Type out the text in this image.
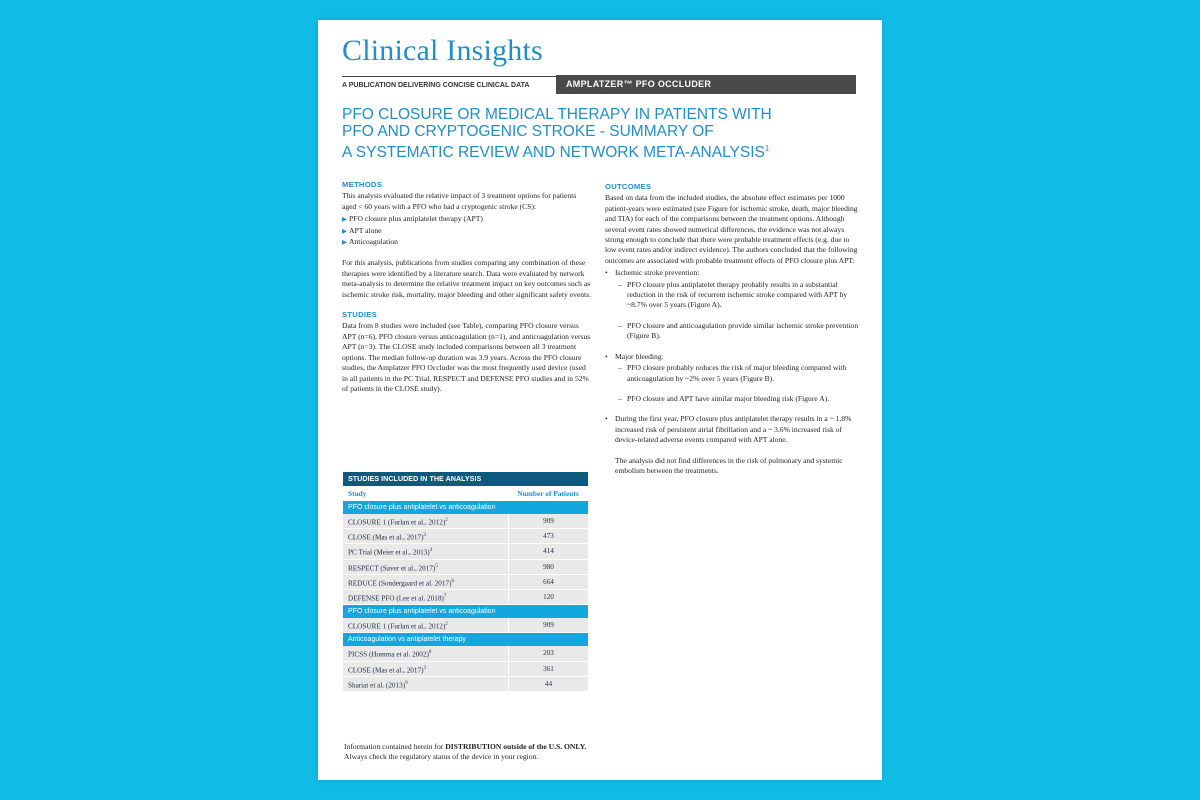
Clinical Insights
A PUBLICATION DELIVERING CONCISE CLINICAL DATA	AMPLATZER™ PFO OCCLUDER
PFO CLOSURE OR MEDICAL THERAPY IN PATIENTS WITH
PFO AND CRYPTOGENIC STROKE - SUMMARY OF
A SYSTEMATIC REVIEW AND NETWORK META-ANALYSIS$^1$
METHODS

This analysis evaluated the relative impact of 3 treatment options for patients aged < 60 years with a PFO who had a cryptogenic stroke (CS):

▶ PFO closure plus antiplatelet therapy (APT)
▶ APT alone
▶ Anticoagulation

For this analysis, publications from studies comparing any combination of these therapies were identified by a literature search. Data were evaluated by network meta-analysis to determine the relative treatment impact on key outcomes such as ischemic stroke risk, mortality, major bleeding and other significant safety events.

STUDIES

Data from 8 studies were included (see Table), comparing PFO closure versus APT (n=6), PFO closure versus anticoagulation (n=1), and anticoagulation versus APT (n=3). The CLOSE study included comparisons between all 3 treatment options. The median follow-up duration was 3.9 years. Across the PFO closure studies, the Amplatzer PFO Occluder was the most frequently used device (used in all patients in the PC Trial, RESPECT and DEFENSE PFO studies and in 52% of patients in the CLOSE study).

OUTCOMES

Based on data from the included studies, the absolute effect estimates per 1000 patient-years were estimated (see Figure for ischemic stroke, death, major bleeding and TIA) for each of the comparisons between the treatment options. Although several event rates showed numerical differences, the evidence was not always strong enough to conclude that there were probable treatment effects (e.g. due to low event rates and/or indirect evidence). The authors concluded that the following outcomes are associated with probable treatment effects of PFO closure plus APT:

• Ischemic stroke prevention:
– PFO closure plus antiplatelet therapy probably results in a substantial reduction in the risk of recurrent ischemic stroke compared with APT by ~8.7% over 5 years (Figure A).
– PFO closure and anticoagulation provide similar ischemic stroke prevention (Figure B).
• Major bleeding:
– PFO closure probably reduces the risk of major bleeding compared with anticoagulation by ~2% over 5 years (Figure B).
– PFO closure and APT have similar major bleeding risk (Figure A).
• During the first year, PFO closure plus antiplatelet therapy results in a ~ 1.8% increased risk of persistent atrial fibrillation and a ~ 3.6% increased risk of device-related adverse events compared with APT alone.

The analysis did not find differences in the risk of pulmonary and systemic embolism between the treatments.

STUDIES INCLUDED IN THE ANALYSIS
Study	Number of Patients
PFO closure plus antiplatelet vs anticoagulation
CLOSURE 1 (Furlan et al., 2012)$^2$	909
CLOSE (Mas et al., 2017)$^3$	473
PC Trial (Meier et al., 2013)$^4$	414
RESPECT (Saver et al., 2017)$^5$	980
REDUCE (Sondergaard et al. 2017)$^6$	664
DEFENSE PFO (Lee et al. 2018)$^7$	120
PFO closure plus antiplatelet vs anticoagulation
CLOSURE 1 (Furlan et al., 2012)$^2$	909
Anticoagulation vs antiplatelet therapy
PICSS (Homma et al. 2002)$^8$	203
CLOSE (Mas et al., 2017)$^3$	361
Shariat et al. $(2013)^9$	44
Information contained herein for DISTRIBUTION outside of the U.S. ONLY.
Always check the regulatory status of the device in your region.
